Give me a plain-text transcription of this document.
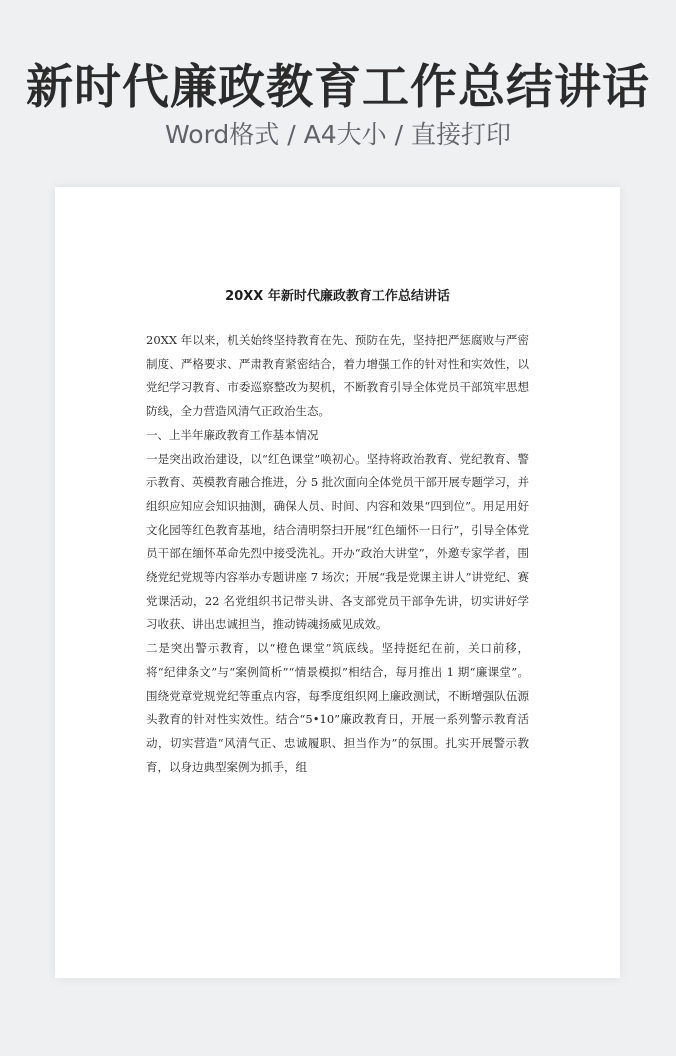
新时代廉政教育工作总结讲话
Word格式 / A4大小 / 直接打印
20XX 年新时代廉政教育工作总结讲话

20XX 年以来，机关始终坚持教育在先、预防在先，坚持把严惩腐败与严密制度、严格要求、严肃教育紧密结合，着力增强工作的针对性和实效性，以党纪学习教育、市委巡察整改为契机，不断教育引导全体党员干部筑牢思想防线，全力营造风清气正政治生态。

一、上半年廉政教育工作基本情况

一是突出政治建设，以“红色课堂”唤初心。坚持将政治教育、党纪教育、警示教育、英模教育融合推进，分 5 批次面向全体党员干部开展专题学习，并组织应知应会知识抽测，确保人员、时间、内容和效果“四到位”。用足用好文化园等红色教育基地，结合清明祭扫开展“红色缅怀一日行”，引导全体党员干部在缅怀革命先烈中接受洗礼。开办“政治大讲堂”，外邀专家学者，围绕党纪党规等内容举办专题讲座 7 场次；开展“我是党课主讲人”讲党纪、赛党课活动，22 名党组织书记带头讲、各支部党员干部争先讲，切实讲好学习收获、讲出忠诚担当，推动铸魂扬威见成效。

二是突出警示教育，以“橙色课堂”筑底线。坚持挺纪在前，关口前移，将“纪律条文”与“案例简析”“情景模拟”相结合，每月推出 1 期“廉课堂”。围绕党章党规党纪等重点内容，每季度组织网上廉政测试，不断增强队伍源头教育的针对性实效性。结合“5•10”廉政教育日，开展一系列警示教育活动，切实营造“风清气正、忠诚履职、担当作为”的氛围。扎实开展警示教育，以身边典型案例为抓手，组
